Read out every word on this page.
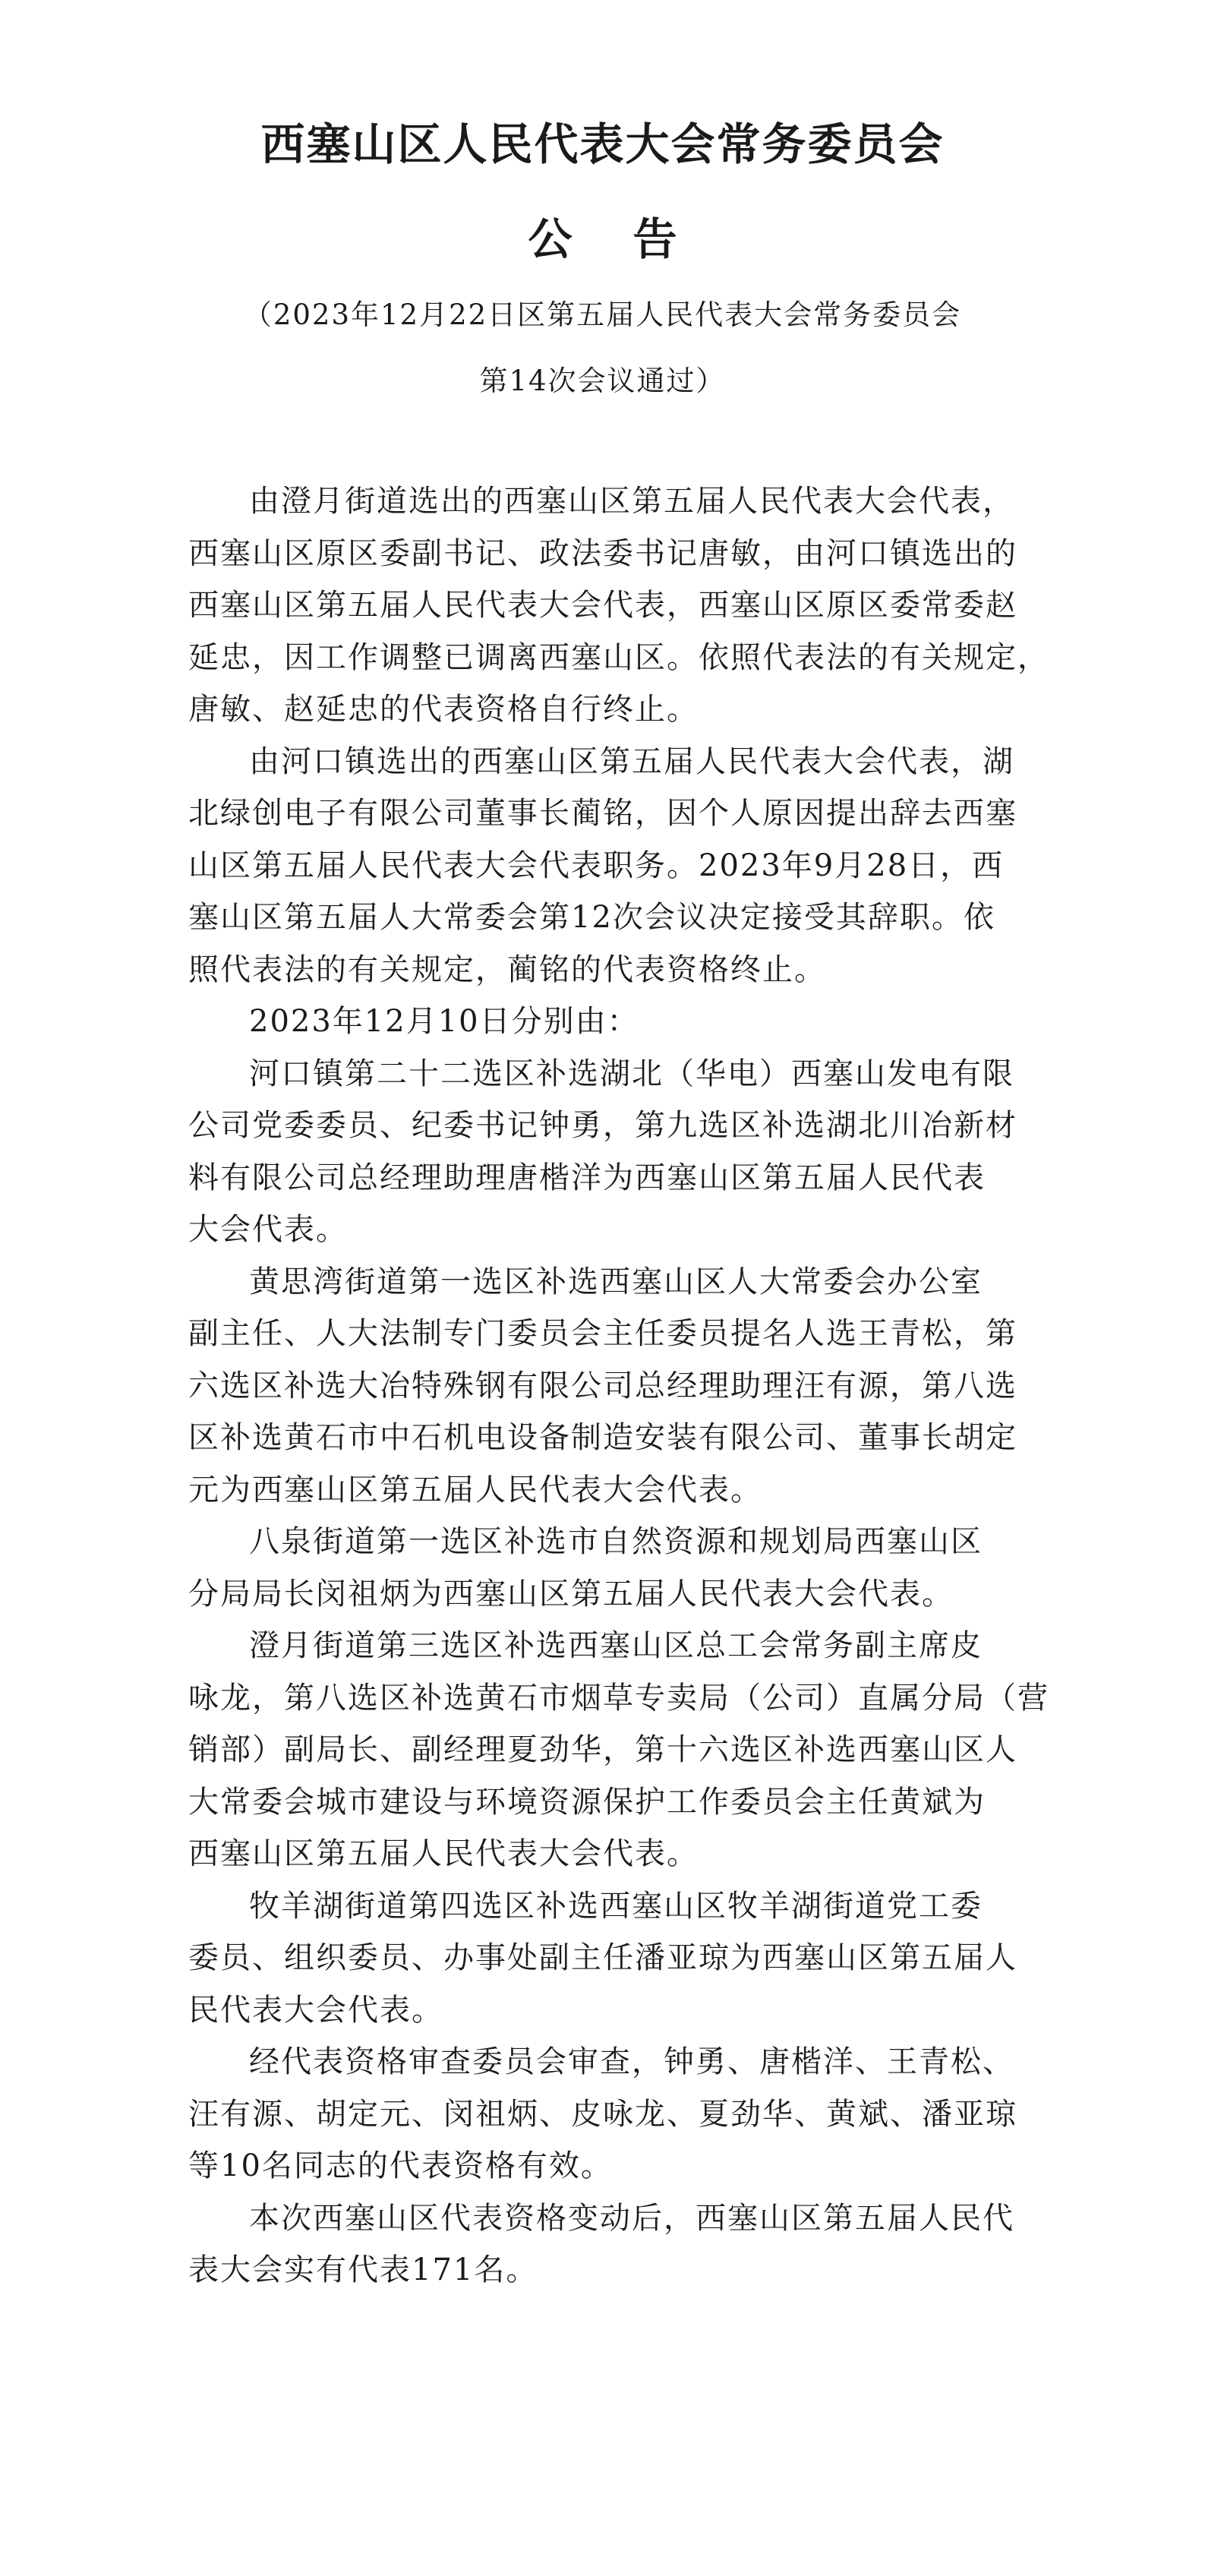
西塞山区人民代表大会常务委员会
公告
（2023年12月22日区第五届人民代表大会常务委员会
第14次会议通过）

由澄月街道选出的西塞山区第五届人民代表大会代表，
西塞山区原区委副书记、政法委书记唐敏，由河口镇选出的
西塞山区第五届人民代表大会代表，西塞山区原区委常委赵
延忠，因工作调整已调离西塞山区。依照代表法的有关规定，
唐敏、赵延忠的代表资格自行终止。

由河口镇选出的西塞山区第五届人民代表大会代表，湖
北绿创电子有限公司董事长蔺铭，因个人原因提出辞去西塞
山区第五届人民代表大会代表职务。2023年9月28日，西
塞山区第五届人大常委会第12次会议决定接受其辞职。依
照代表法的有关规定，蔺铭的代表资格终止。

2023年12月10日分别由：

河口镇第二十二选区补选湖北（华电）西塞山发电有限
公司党委委员、纪委书记钟勇，第九选区补选湖北川冶新材
料有限公司总经理助理唐楷洋为西塞山区第五届人民代表
大会代表。

黄思湾街道第一选区补选西塞山区人大常委会办公室
副主任、人大法制专门委员会主任委员提名人选王青松，第
六选区补选大冶特殊钢有限公司总经理助理汪有源，第八选
区补选黄石市中石机电设备制造安装有限公司、董事长胡定
元为西塞山区第五届人民代表大会代表。

八泉街道第一选区补选市自然资源和规划局西塞山区
分局局长闵祖炳为西塞山区第五届人民代表大会代表。

澄月街道第三选区补选西塞山区总工会常务副主席皮
咏龙，第八选区补选黄石市烟草专卖局（公司）直属分局（营
销部）副局长、副经理夏劲华，第十六选区补选西塞山区人
大常委会城市建设与环境资源保护工作委员会主任黄斌为
西塞山区第五届人民代表大会代表。

牧羊湖街道第四选区补选西塞山区牧羊湖街道党工委
委员、组织委员、办事处副主任潘亚琼为西塞山区第五届人
民代表大会代表。

经代表资格审查委员会审查，钟勇、唐楷洋、王青松、
汪有源、胡定元、闵祖炳、皮咏龙、夏劲华、黄斌、潘亚琼
等10名同志的代表资格有效。

本次西塞山区代表资格变动后，西塞山区第五届人民代
表大会实有代表171名。
